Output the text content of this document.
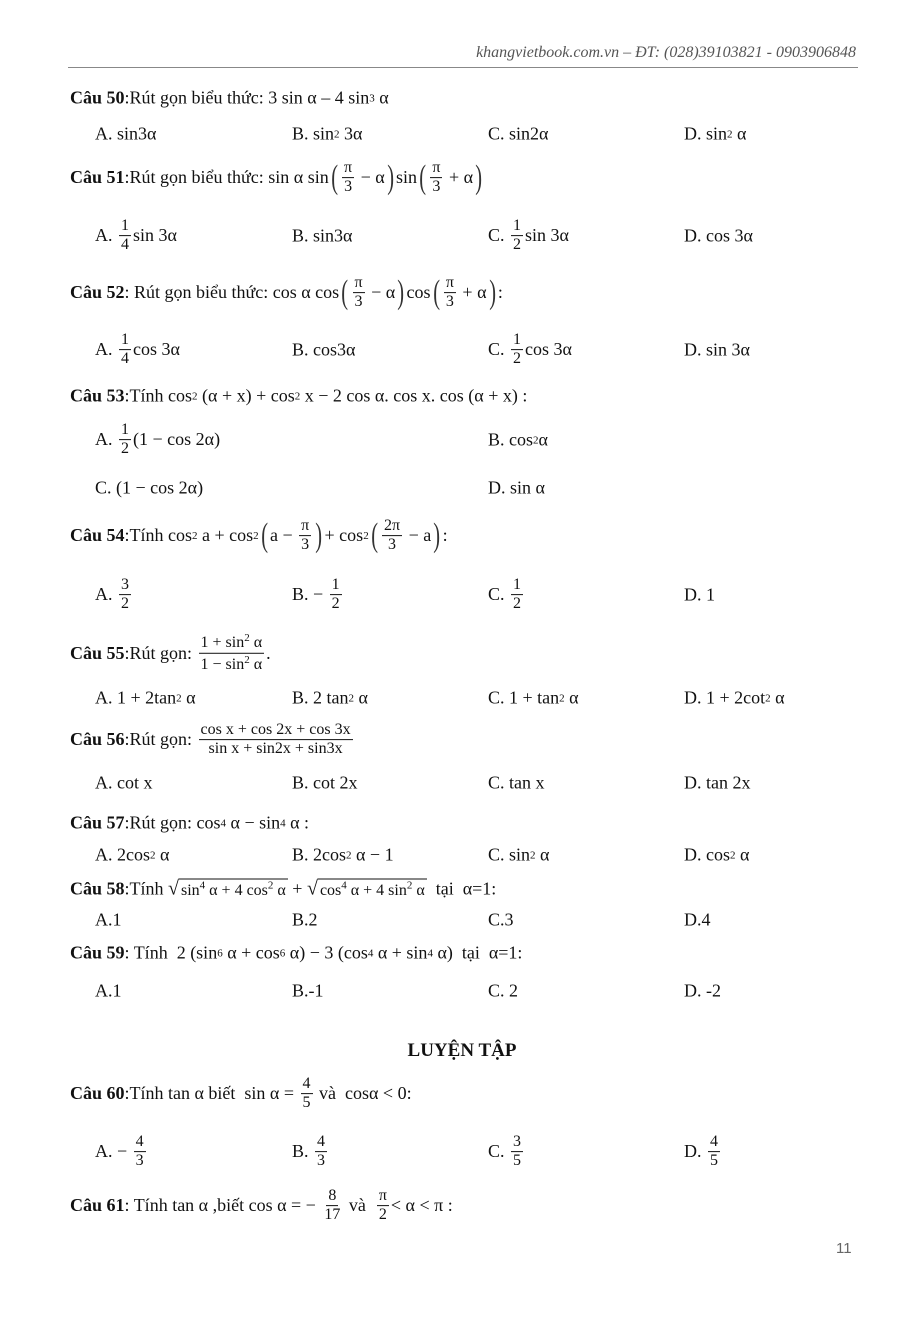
khangvietbook.com.vn – ĐT: (028)39103821 - 0903906848
LUYỆN TẬP
11
Câu 50 :Rút gọn biểu thức: 3 sin α – 4 sin 3 α
A. sin3α	B. sin 2 3α	C. sin2α	D. sin 2 α
Câu 51 :Rút gọn biểu thức: sin α sin ( $\frac{\pi}{3} - \alpha$ ) sin ( $\frac{\pi}{3} + \alpha$ )
A. $\frac{1}{4}$ sin 3α	B. sin3α	C. $\frac{1}{2}$ sin 3α	D. cos 3α
Câu 52 : Rút gọn biểu thức: cos α cos ( $\frac{\pi}{3} - \alpha$ ) cos ( $\frac{\pi}{3} + \alpha$ ) :
A. $\frac{1}{4}$ cos 3α	B. cos3α	C. $\frac{1}{2}$ cos 3α	D. sin 3α
Câu 53 :Tính cos 2 (α + x) + cos 2 x − 2 cos α. cos x. cos (α + x) :
A. $\frac{1}{2} (1 - \cos 2\alpha)$	B. cos 2 α
C. (1 − cos 2α)	D. sin α
Câu 54 :Tính cos 2 a + cos 2 ( $a - \frac{\pi}{3}$ ) + cos 2 ( $\frac{2\pi}{3} - a$ ) :
A. $\frac{3}{2}$	B. − $\frac{1}{2}$	C. $\frac{1}{2}$	D. 1
Câu 55 :Rút gọn: $\frac{1 + \sin^2 \alpha}{1 - \sin^2 \alpha}$ .
A. 1 + 2tan 2 α	B. 2 tan 2 α	C. 1 + tan 2 α	D. 1 + 2cot 2 α
Câu 56 :Rút gọn: $\frac{\text{cos x + cos 2x + cos 3x}}{\text{sin x + sin2x + sin3x}}$
A. cot x	B. cot 2x	C. tan x	D. tan 2x
Câu 57 :Rút gọn: cos 4 α − sin 4 α :
A. 2cos 2 α	B. 2cos 2 α − 1	C. sin 2 α	D. cos 2 α
Câu 58 :Tính √ $\sin^4 \alpha + 4$ $\cos^2 \alpha$ + √ $\cos^4 \alpha + 4$ $\sin^2 \alpha$ tại  α=1:
A.1	B.2	C.3	D.4
Câu 59 : Tính  2 (sin 6 α + cos 6 α) − 3 (cos 4 α + sin 4 α)  tại  α=1:
A.1	B.-1	C. 2	D. -2
Câu 60 :Tính tan α biết  $\sin \alpha = \frac{4}{5}$ và  cosα < 0:
A. − $\frac{4}{3}$	B. $\frac{4}{3}$	C. $\frac{3}{5}$	D. $\frac{4}{5}$
Câu 61 : Tính tan α ,biết cos α = − $\frac{8}{17}$ và $\frac{\pi}{2} < \alpha < \pi$ :
